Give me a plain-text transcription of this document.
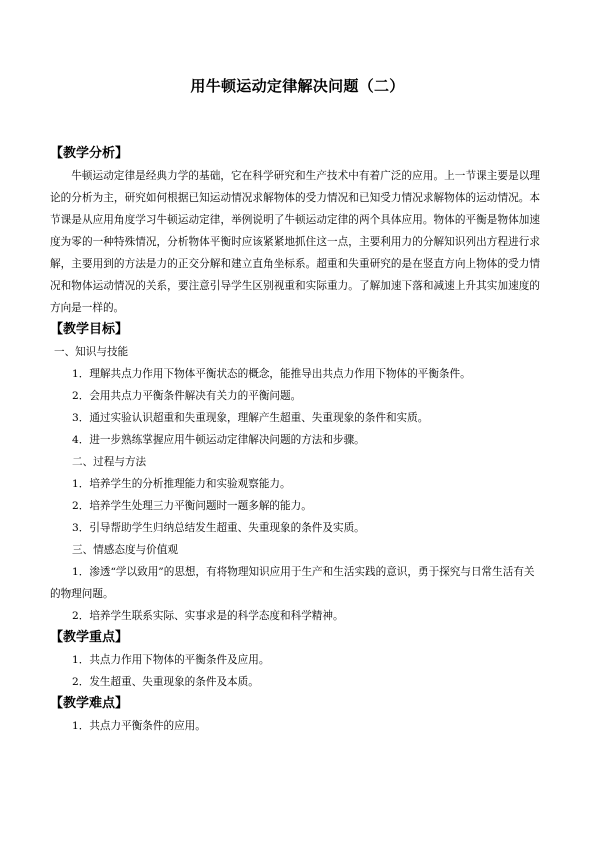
用牛顿运动定律解决问题（二）
【教学分析】

牛顿运动定律是经典力学的基础，它在科学研究和生产技术中有着广泛的应用。上一节课主要是以理论的分析为主，研究如何根据已知运动情况求解物体的受力情况和已知受力情况求解物体的运动情况。本节课是从应用角度学习牛顿运动定律，举例说明了牛顿运动定律的两个具体应用。物体的平衡是物体加速度为零的一种特殊情况，分析物体平衡时应该紧紧地抓住这一点，主要利用力的分解知识列出方程进行求解，主要用到的方法是力的正交分解和建立直角坐标系。超重和失重研究的是在竖直方向上物体的受力情况和物体运动情况的关系，要注意引导学生区别视重和实际重力。了解加速下落和减速上升其实加速度的方向是一样的。

【教学目标】
一、知识与技能
1．理解共点力作用下物体平衡状态的概念，能推导出共点力作用下物体的平衡条件。
2．会用共点力平衡条件解决有关力的平衡问题。
3．通过实验认识超重和失重现象，理解产生超重、失重现象的条件和实质。
4．进一步熟练掌握应用牛顿运动定律解决问题的方法和步骤。
二、过程与方法
1．培养学生的分析推理能力和实验观察能力。
2．培养学生处理三力平衡问题时一题多解的能力。
3．引导帮助学生归纳总结发生超重、失重现象的条件及实质。
三、情感态度与价值观

1．渗透“学以致用”的思想，有将物理知识应用于生产和生活实践的意识，勇于探究与日常生活有关的物理问题。

2．培养学生联系实际、实事求是的科学态度和科学精神。
【教学重点】
1．共点力作用下物体的平衡条件及应用。
2．发生超重、失重现象的条件及本质。
【教学难点】
1．共点力平衡条件的应用。
